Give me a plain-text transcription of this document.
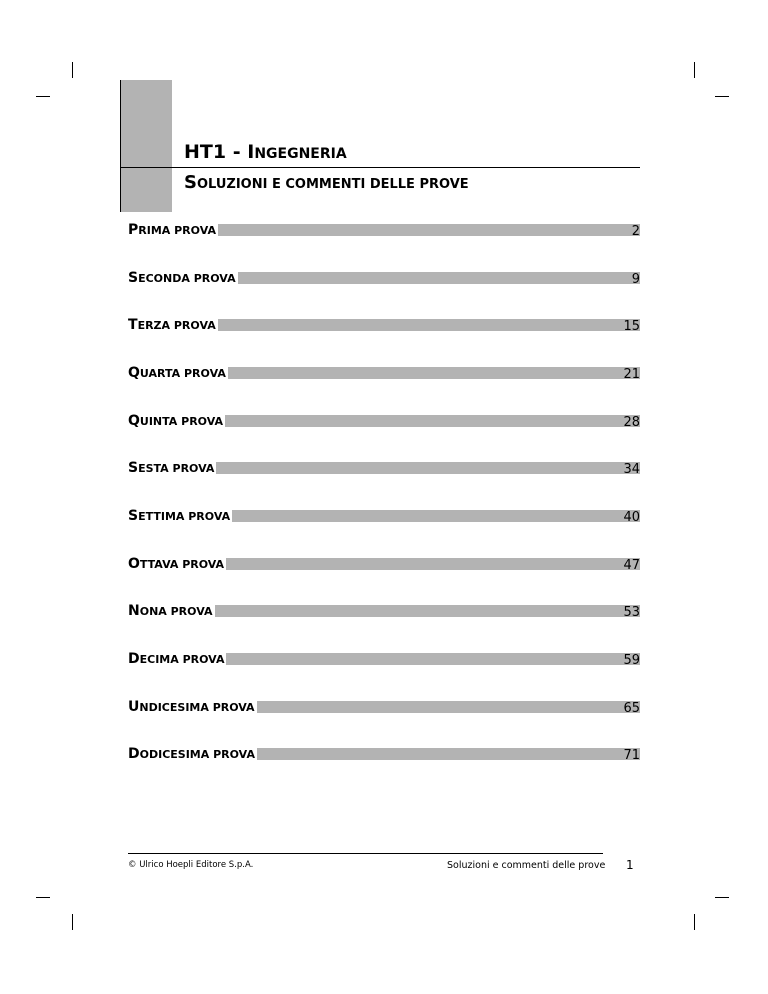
HT1 - INGEGNERIA
SOLUZIONI E COMMENTI DELLE PROVE
PRIMA PROVA	2
SECONDA PROVA	9
TERZA PROVA	15
QUARTA PROVA	21
QUINTA PROVA	28
SESTA PROVA	34
SETTIMA PROVA	40
OTTAVA PROVA	47
NONA PROVA	53
DECIMA PROVA	59
UNDICESIMA PROVA	65
DODICESIMA PROVA	71
© Ulrico Hoepli Editore S.p.A.	Soluzioni e commenti delle prove 1
